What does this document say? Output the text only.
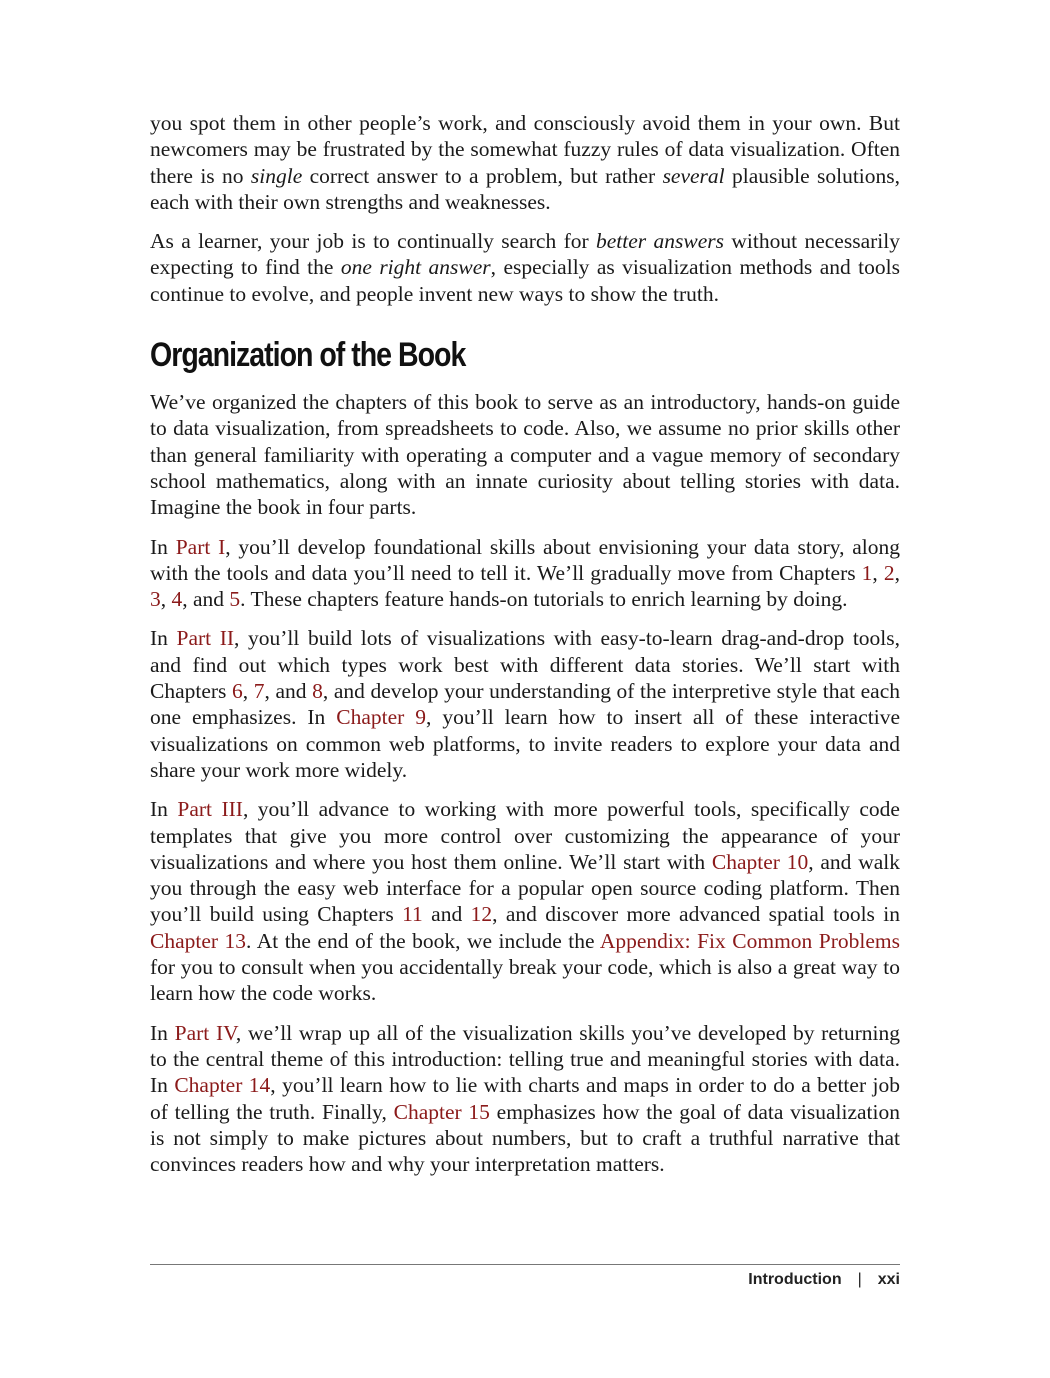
you spot them in other people’s work, and consciously avoid them in your own. But newcomers may be frustrated by the somewhat fuzzy rules of data visualization. Often there is no single correct answer to a problem, but rather several plausible solutions, each with their own strengths and weaknesses.

As a learner, your job is to continually search for better answers without necessarily expecting to find the one right answer, especially as visualization methods and tools continue to evolve, and people invent new ways to show the truth.

Organization of the Book

We’ve organized the chapters of this book to serve as an introductory, hands-on guide to data visualization, from spreadsheets to code. Also, we assume no prior skills other than general familiarity with operating a computer and a vague memory of secondary school mathematics, along with an innate curiosity about telling stories with data. Imagine the book in four parts.

In Part I, you’ll develop foundational skills about envisioning your data story, along with the tools and data you’ll need to tell it. We’ll gradually move from Chapters 1, 2, 3, 4, and 5. These chapters feature hands-on tutorials to enrich learning by doing.

In Part II, you’ll build lots of visualizations with easy-to-learn drag-and-drop tools, and find out which types work best with different data stories. We’ll start with Chapters 6, 7, and 8, and develop your understanding of the interpretive style that each one emphasizes. In Chapter 9, you’ll learn how to insert all of these interactive visualizations on common web platforms, to invite readers to explore your data and share your work more widely.

In Part III, you’ll advance to working with more powerful tools, specifically code templates that give you more control over customizing the appearance of your visualizations and where you host them online. We’ll start with Chapter 10, and walk you through the easy web interface for a popular open source coding platform. Then you’ll build using Chapters 11 and 12, and discover more advanced spatial tools in Chapter 13. At the end of the book, we include the Appendix: Fix Common Problems for you to consult when you accidentally break your code, which is also a great way to learn how the code works.

In Part IV, we’ll wrap up all of the visualization skills you’ve developed by returning to the central theme of this introduction: telling true and meaningful stories with data. In Chapter 14, you’ll learn how to lie with charts and maps in order to do a better job of telling the truth. Finally, Chapter 15 emphasizes how the goal of data visualization is not simply to make pictures about numbers, but to craft a truthful narrative that convinces readers how and why your interpretation matters.

Introduction | xxi
